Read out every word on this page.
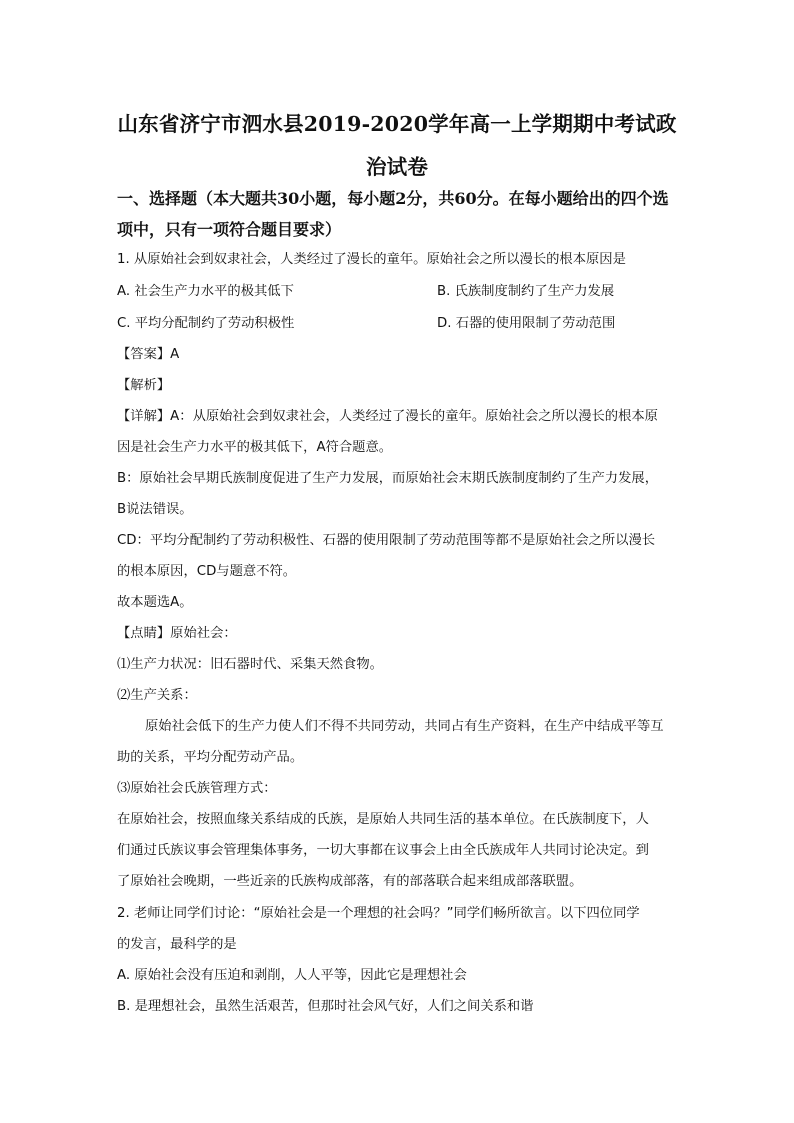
山东省济宁市泗水县2019-2020学年高一上学期期中考试政
治试卷
一、选择题（本大题共30小题，每小题2分，共60分。在每小题给出的四个选
项中，只有一项符合题目要求）
1. 从原始社会到奴隶社会，人类经过了漫长的童年。原始社会之所以漫长的根本原因是
A. 社会生产力水平的极其低下	B. 氏族制度制约了生产力发展
C. 平均分配制约了劳动积极性	D. 石器的使用限制了劳动范围
【答案】A
【解析】
【详解】A：从原始社会到奴隶社会，人类经过了漫长的童年。原始社会之所以漫长的根本原
因是社会生产力水平的极其低下，A符合题意。
B：原始社会早期氏族制度促进了生产力发展，而原始社会末期氏族制度制约了生产力发展，
B说法错误。
CD：平均分配制约了劳动积极性、石器的使用限制了劳动范围等都不是原始社会之所以漫长
的根本原因，CD与题意不符。
故本题选A。
【点睛】原始社会：
⑴生产力状况：旧石器时代、采集天然食物。
⑵生产关系：
原始社会低下的生产力使人们不得不共同劳动，共同占有生产资料，在生产中结成平等互
助的关系，平均分配劳动产品。
⑶原始社会氏族管理方式：
在原始社会，按照血缘关系结成的氏族，是原始人共同生活的基本单位。在氏族制度下，人
们通过氏族议事会管理集体事务，一切大事都在议事会上由全氏族成年人共同讨论决定。到
了原始社会晚期，一些近亲的氏族构成部落，有的部落联合起来组成部落联盟。
2. 老师让同学们讨论：“原始社会是一个理想的社会吗？”同学们畅所欲言。以下四位同学
的发言，最科学的是
A. 原始社会没有压迫和剥削，人人平等，因此它是理想社会
B. 是理想社会，虽然生活艰苦，但那时社会风气好，人们之间关系和谐
